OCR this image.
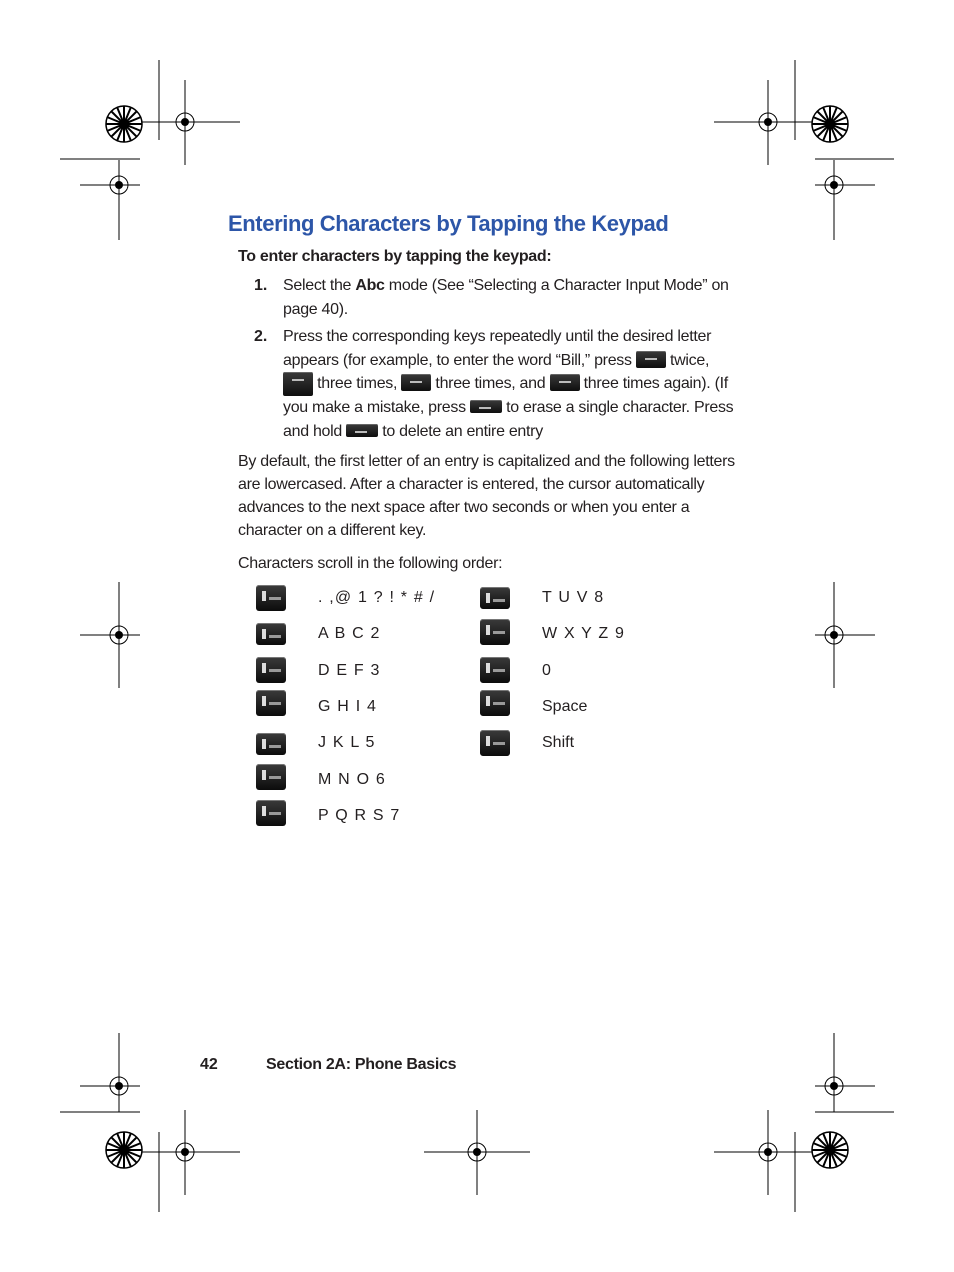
Entering Characters by Tapping the Keypad
To enter characters by tapping the keypad:
1. Select the Abc mode (See “Selecting a Character Input Mode” on page 40).
2. Press the corresponding keys repeatedly until the desired letter appears (for example, to enter the word “Bill,” press  twice,  three times,  three times, and  three times again). (If you make a mistake, press  to erase a single character. Press and hold  to delete an entire entry
By default, the first letter of an entry is capitalized and the following letters are lowercased. After a character is entered, the cursor automatically advances to the next space after two seconds or when you enter a character on a different key.
Characters scroll in the following order:
. ,@ 1 ? ! * # /
A B C 2
D E F 3
G H I 4
J K L 5
M N O 6
P Q R S 7
T U V 8
W X Y Z 9
0
Space
Shift
42	Section 2A: Phone Basics
